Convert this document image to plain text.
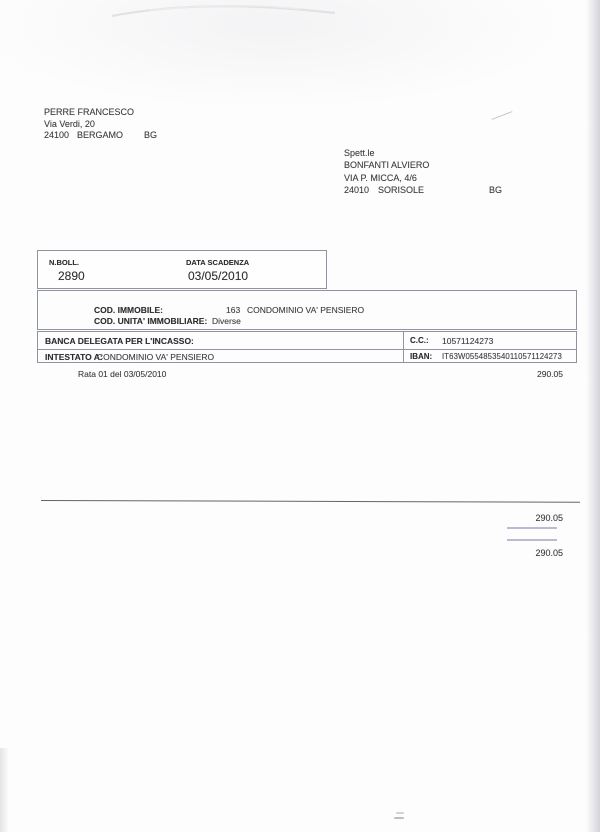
PERRE FRANCESCO
Via Verdi, 20
24100 BERGAMO BG
Spett.le
BONFANTI ALVIERO
VIA P. MICCA, 4/6
24010 SORISOLE	BG
N.BOLL.	DATA SCADENZA
2890	03/05/2010
COD. IMMOBILE:	163 CONDOMINIO VA' PENSIERO
COD. UNITA' IMMOBILIARE: Diverse
BANCA DELEGATA PER L'INCASSO:	C.C.: 10571124273
INTESTATO A:
CONDOMINIO VA' PENSIERO	IBAN: IT63W0554853540110571124273
Rata 01 del 03/05/2010	290.05
290.05
290.05
